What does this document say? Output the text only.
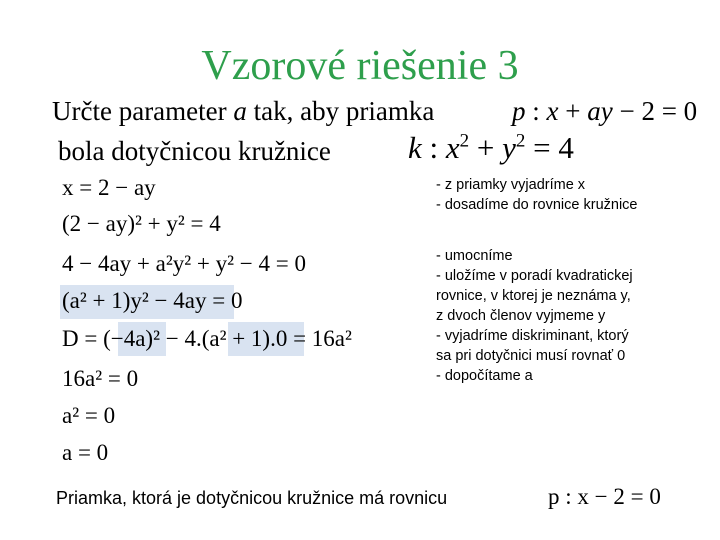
Vzorové riešenie 3
Určte parameter a tak, aby priamka
bola dotyčnicou kružnice
p : x + ay − 2 = 0
k : $x^2 + y^2 = 4$
x = 2 − ay
(2 − ay)² + y² = 4
4 − 4ay + a²y² + y² − 4 = 0
(a² + 1)y² − 4ay = 0
D = (−4a)² − 4.(a² + 1).0 = 16a²
16a² = 0
a² = 0
a = 0
- z priamky vyjadríme x
- dosadíme do rovnice kružnice
- umocníme
- uložíme v poradí kvadratickej
rovnice, v ktorej je neznáma y,
z dvoch členov vyjmeme y
- vyjadríme diskriminant, ktorý
sa pri dotyčnici musí rovnať 0
- dopočítame a
Priamka, ktorá je dotyčnicou kružnice má rovnicu	p : x − 2 = 0
